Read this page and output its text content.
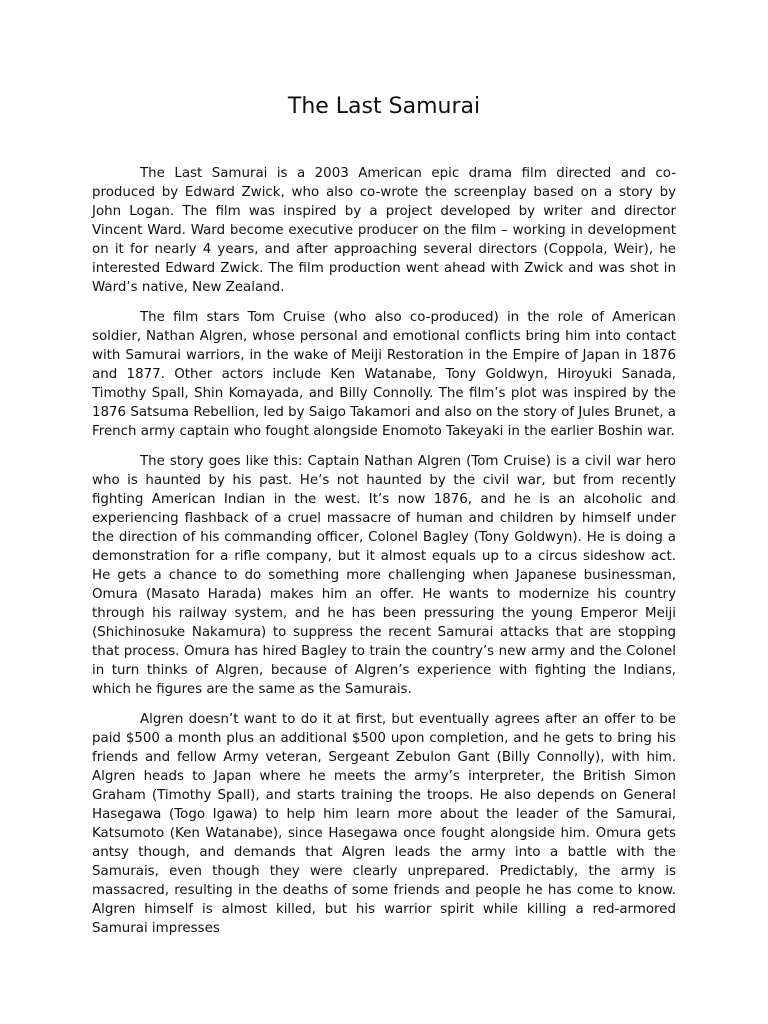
The Last Samurai

The Last Samurai is a 2003 American epic drama film directed and co-produced by Edward Zwick, who also co-wrote the screenplay based on a story by John Logan. The film was inspired by a project developed by writer and director Vincent Ward. Ward become executive producer on the film – working in development on it for nearly 4 years, and after approaching several directors (Coppola, Weir), he interested Edward Zwick. The film production went ahead with Zwick and was shot in Ward’s native, New Zealand.

The film stars Tom Cruise (who also co-produced) in the role of American soldier, Nathan Algren, whose personal and emotional conflicts bring him into contact with Samurai warriors, in the wake of Meiji Restoration in the Empire of Japan in 1876 and 1877. Other actors include Ken Watanabe, Tony Goldwyn, Hiroyuki Sanada, Timothy Spall, Shin Komayada, and Billy Connolly. The film’s plot was inspired by the 1876 Satsuma Rebellion, led by Saigo Takamori and also on the story of Jules Brunet, a French army captain who fought alongside Enomoto Takeyaki in the earlier Boshin war.

The story goes like this: Captain Nathan Algren (Tom Cruise) is a civil war hero who is haunted by his past. He’s not haunted by the civil war, but from recently fighting American Indian in the west. It’s now 1876, and he is an alcoholic and experiencing flashback of a cruel massacre of human and children by himself under the direction of his commanding officer, Colonel Bagley (Tony Goldwyn). He is doing a demonstration for a rifle company, but it almost equals up to a circus sideshow act. He gets a chance to do something more challenging when Japanese businessman, Omura (Masato Harada) makes him an offer. He wants to modernize his country through his railway system, and he has been pressuring the young Emperor Meiji (Shichinosuke Nakamura) to suppress the recent Samurai attacks that are stopping that process. Omura has hired Bagley to train the country’s new army and the Colonel in turn thinks of Algren, because of Algren’s experience with fighting the Indians, which he figures are the same as the Samurais.

Algren doesn’t want to do it at first, but eventually agrees after an offer to be paid $500 a month plus an additional $500 upon completion, and he gets to bring his friends and fellow Army veteran, Sergeant Zebulon Gant (Billy Connolly), with him. Algren heads to Japan where he meets the army’s interpreter, the British Simon Graham (Timothy Spall), and starts training the troops. He also depends on General Hasegawa (Togo Igawa) to help him learn more about the leader of the Samurai, Katsumoto (Ken Watanabe), since Hasegawa once fought alongside him. Omura gets antsy though, and demands that Algren leads the army into a battle with the Samurais, even though they were clearly unprepared. Predictably, the army is massacred, resulting in the deaths of some friends and people he has come to know. Algren himself is almost killed, but his warrior spirit while killing a red-armored Samurai impresses
